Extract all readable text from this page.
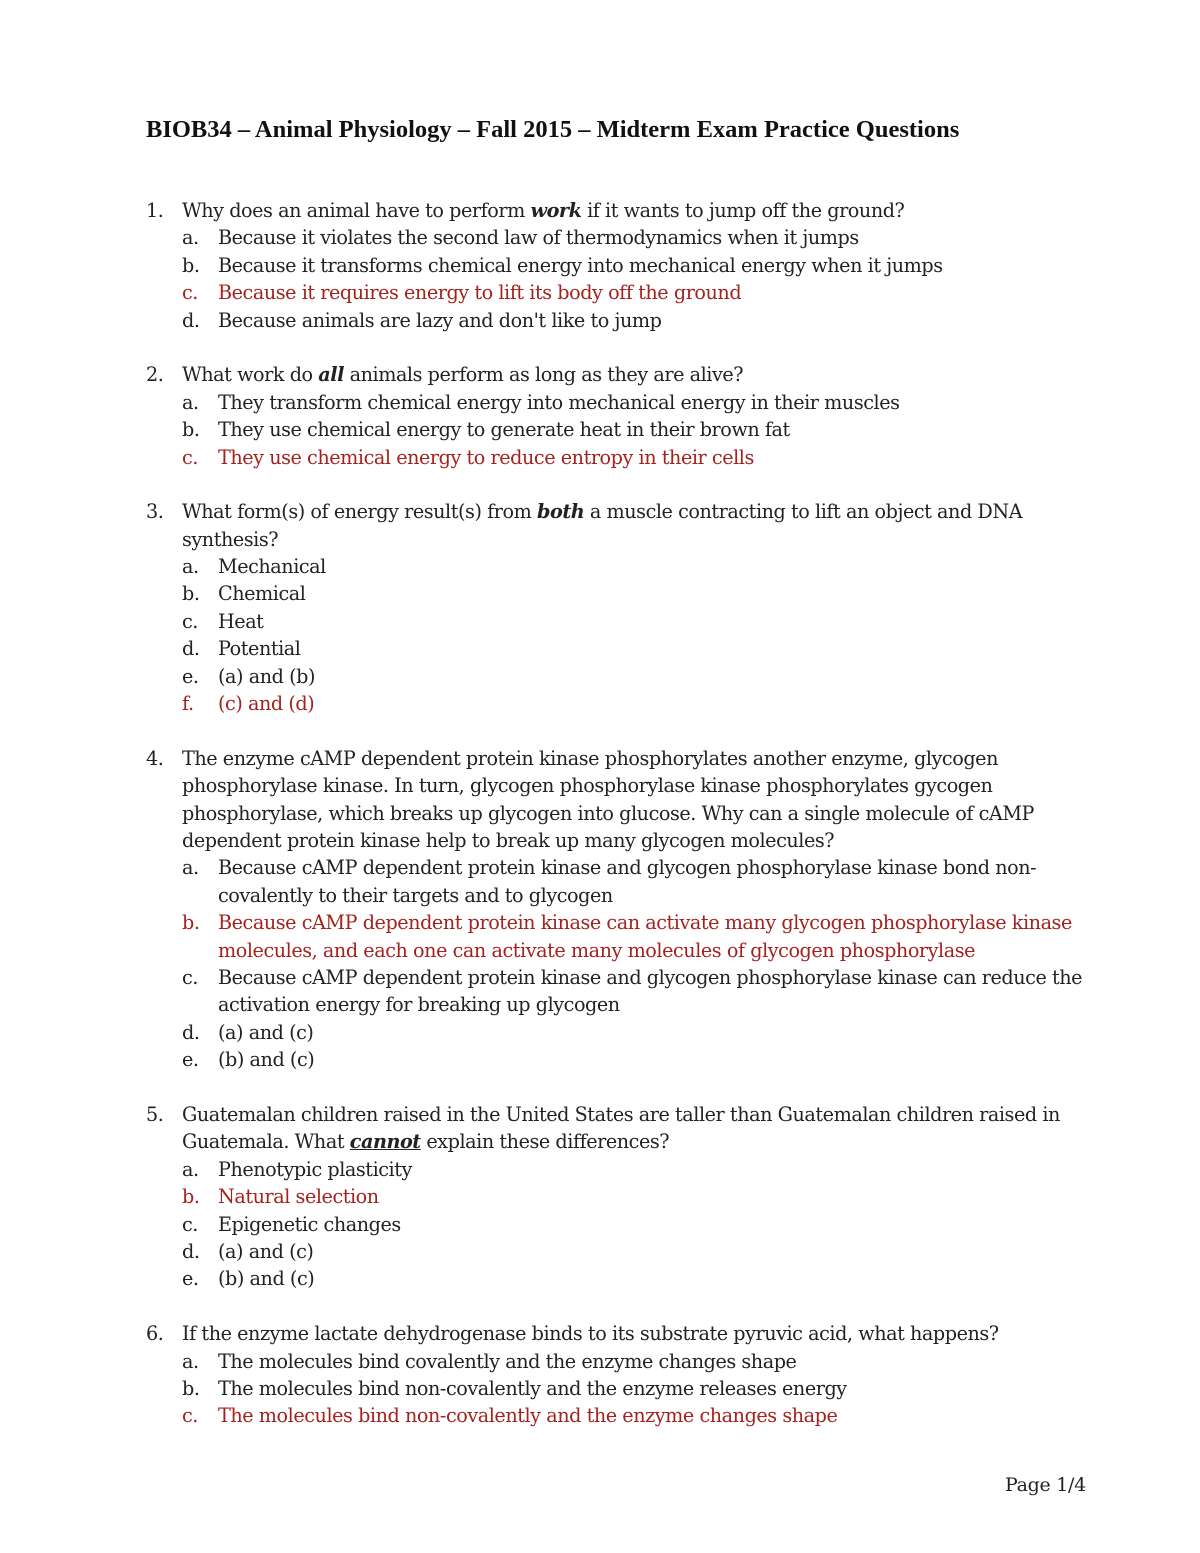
BIOB34 – Animal Physiology – Fall 2015 – Midterm Exam Practice Questions
1. Why does an animal have to perform work if it wants to jump off the ground?
a. Because it violates the second law of thermodynamics when it jumps
b. Because it transforms chemical energy into mechanical energy when it jumps
c. Because it requires energy to lift its body off the ground
d. Because animals are lazy and don't like to jump
2. What work do all animals perform as long as they are alive?
a. They transform chemical energy into mechanical energy in their muscles
b. They use chemical energy to generate heat in their brown fat
c. They use chemical energy to reduce entropy in their cells
3. What form(s) of energy result(s) from both a muscle contracting to lift an object and DNA synthesis?
a. Mechanical
b. Chemical
c. Heat
d. Potential
e. (a) and (b)
f. (c) and (d)
4. The enzyme cAMP dependent protein kinase phosphorylates another enzyme, glycogen phosphorylase kinase. In turn, glycogen phosphorylase kinase phosphorylates gycogen phosphorylase, which breaks up glycogen into glucose. Why can a single molecule of cAMP dependent protein kinase help to break up many glycogen molecules?
a. Because cAMP dependent protein kinase and glycogen phosphorylase kinase bond non-covalently to their targets and to glycogen
b. Because cAMP dependent protein kinase can activate many glycogen phosphorylase kinase molecules, and each one can activate many molecules of glycogen phosphorylase
c. Because cAMP dependent protein kinase and glycogen phosphorylase kinase can reduce the activation energy for breaking up glycogen
d. (a) and (c)
e. (b) and (c)
5. Guatemalan children raised in the United States are taller than Guatemalan children raised in Guatemala. What cannot explain these differences?
a. Phenotypic plasticity
b. Natural selection
c. Epigenetic changes
d. (a) and (c)
e. (b) and (c)
6. If the enzyme lactate dehydrogenase binds to its substrate pyruvic acid, what happens?
a. The molecules bind covalently and the enzyme changes shape
b. The molecules bind non-covalently and the enzyme releases energy
c. The molecules bind non-covalently and the enzyme changes shape
Page 1/4
